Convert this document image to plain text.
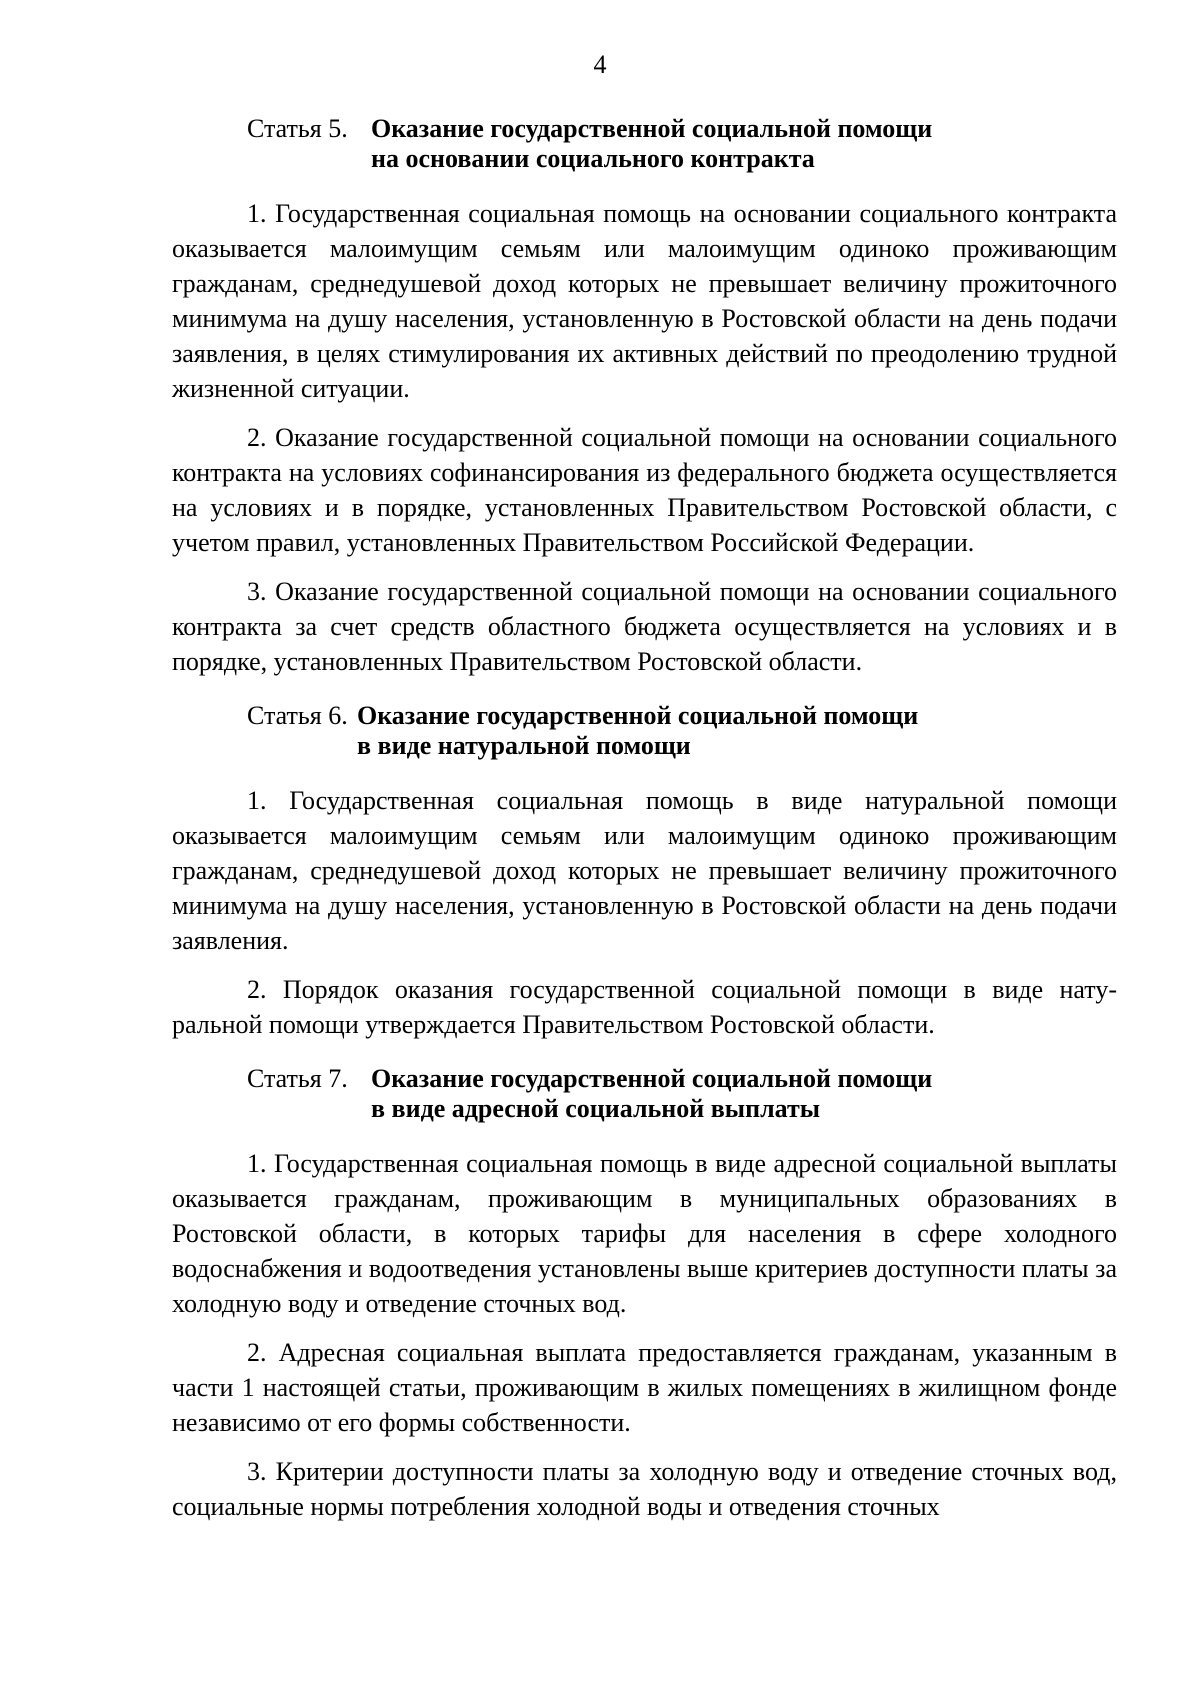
4
Статья 5. Оказание государственной социальной помощи
на основании социального контракта

1. Государственная социальная помощь на основании социального контракта оказывается малоимущим семьям или малоимущим одиноко проживающим гражданам, среднедушевой доход которых не превышает величину прожиточного минимума на душу населения, установленную в Ростовской области на день подачи заявления, в целях стимулирования их активных действий по преодолению трудной жизненной ситуации.

2. Оказание государственной социальной помощи на основании социального контракта на условиях софинансирования из федерального бюджета осуществляется на условиях и в порядке, установленных Правительством Ростовской области, с учетом правил, установленных Правительством Российской Федерации.

3. Оказание государственной социальной помощи на основании социального контракта за счет средств областного бюджета осуществляется на условиях и в порядке, установленных Правительством Ростовской области.

Статья 6. Оказание государственной социальной помощи
в виде натуральной помощи

1. Государственная социальная помощь в виде натуральной помощи оказывается малоимущим семьям или малоимущим одиноко проживающим гражданам, среднедушевой доход которых не превышает величину прожиточного минимума на душу населения, установленную в Ростовской области на день подачи заявления.

2. Порядок оказания государственной социальной помощи в виде натуральной помощи утверждается Правительством Ростовской области.

Статья 7. Оказание государственной социальной помощи
в виде адресной социальной выплаты

1. Государственная социальная помощь в виде адресной социальной выплаты оказывается гражданам, проживающим в муниципальных образованиях в Ростовской области, в которых тарифы для населения в сфере холодного водоснабжения и водоотведения установлены выше критериев доступности платы за холодную воду и отведение сточных вод.

2. Адресная социальная выплата предоставляется гражданам, указанным в части 1 настоящей статьи, проживающим в жилых помещениях в жилищном фонде независимо от его формы собственности.

3. Критерии доступности платы за холодную воду и отведение сточных вод, социальные нормы потребления холодной воды и отведения сточных
